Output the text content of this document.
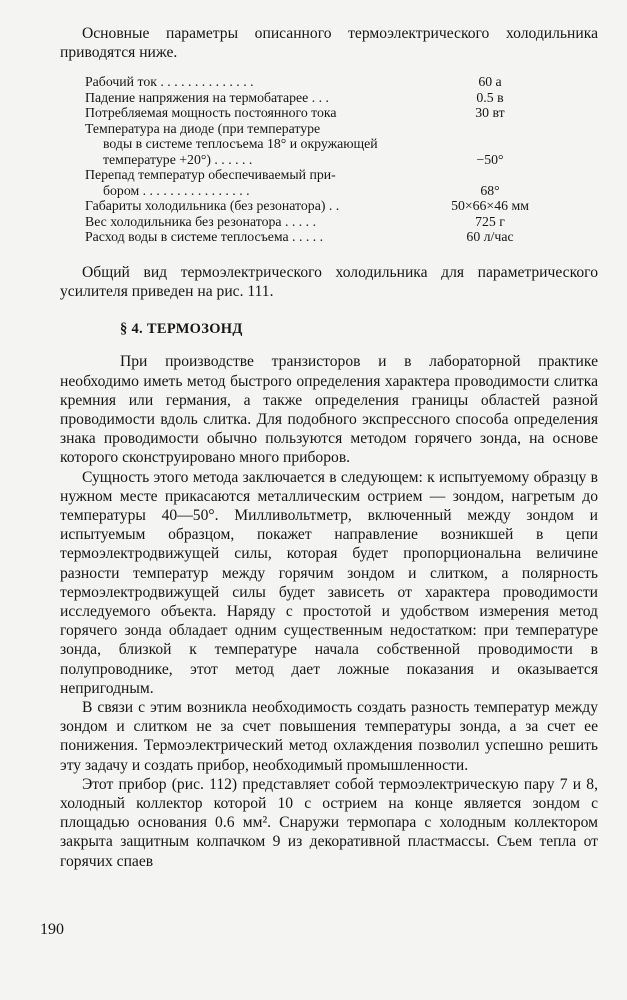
Основные параметры описанного термоэлектрического холодильника приводятся ниже.

Рабочий ток . . . . . . . . . . . . . .	60 а
Падение напряжения на термобатарее . . .	0.5 в
Потребляемая мощность постоянного тока	30 вт
Температура на диоде (при температуре
воды в системе теплосъема 18° и окружающей температуре +20°) . . . . . .	−50°
Перепад температур обеспечиваемый при-
бором . . . . . . . . . . . . . . . .	68°
Габариты холодильника (без резонатора) . .	50×66×46 мм
Вес холодильника без резонатора . . . . .	725 г
Расход воды в системе теплосъема . . . . .	60 л/час

Общий вид термоэлектрического холодильника для параметрического усилителя приведен на рис. 111.

§ 4. ТЕРМОЗОНД

При производстве транзисторов и в лабораторной практике необходимо иметь метод быстрого определения характера проводимости слитка кремния или германия, а также определения границы областей разной проводимости вдоль слитка. Для подобного экспрессного способа определения знака проводимости обычно пользуются методом горячего зонда, на основе которого сконструировано много приборов.

Сущность этого метода заключается в следующем: к испытуемому образцу в нужном месте прикасаются металлическим острием — зондом, нагретым до температуры 40—50°. Милливольтметр, включенный между зондом и испытуемым образцом, покажет направление возникшей в цепи термоэлектродвижущей силы, которая будет пропорциональна величине разности температур между горячим зондом и слитком, а полярность термоэлектродвижущей силы будет зависеть от характера проводимости исследуемого объекта. Наряду с простотой и удобством измерения метод горячего зонда обладает одним существенным недостатком: при температуре зонда, близкой к температуре начала собственной проводимости в полупроводнике, этот метод дает ложные показания и оказывается непригодным.

В связи с этим возникла необходимость создать разность температур между зондом и слитком не за счет повышения температуры зонда, а за счет ее понижения. Термоэлектрический метод охлаждения позволил успешно решить эту задачу и создать прибор, необходимый промышленности.

Этот прибор (рис. 112) представляет собой термоэлектрическую пару 7 и 8, холодный коллектор которой 10 с острием на конце является зондом с площадью основания 0.6 мм². Снаружи термопара с холодным коллектором закрыта защитным колпачком 9 из декоративной пластмассы. Съем тепла от горячих спаев

190
